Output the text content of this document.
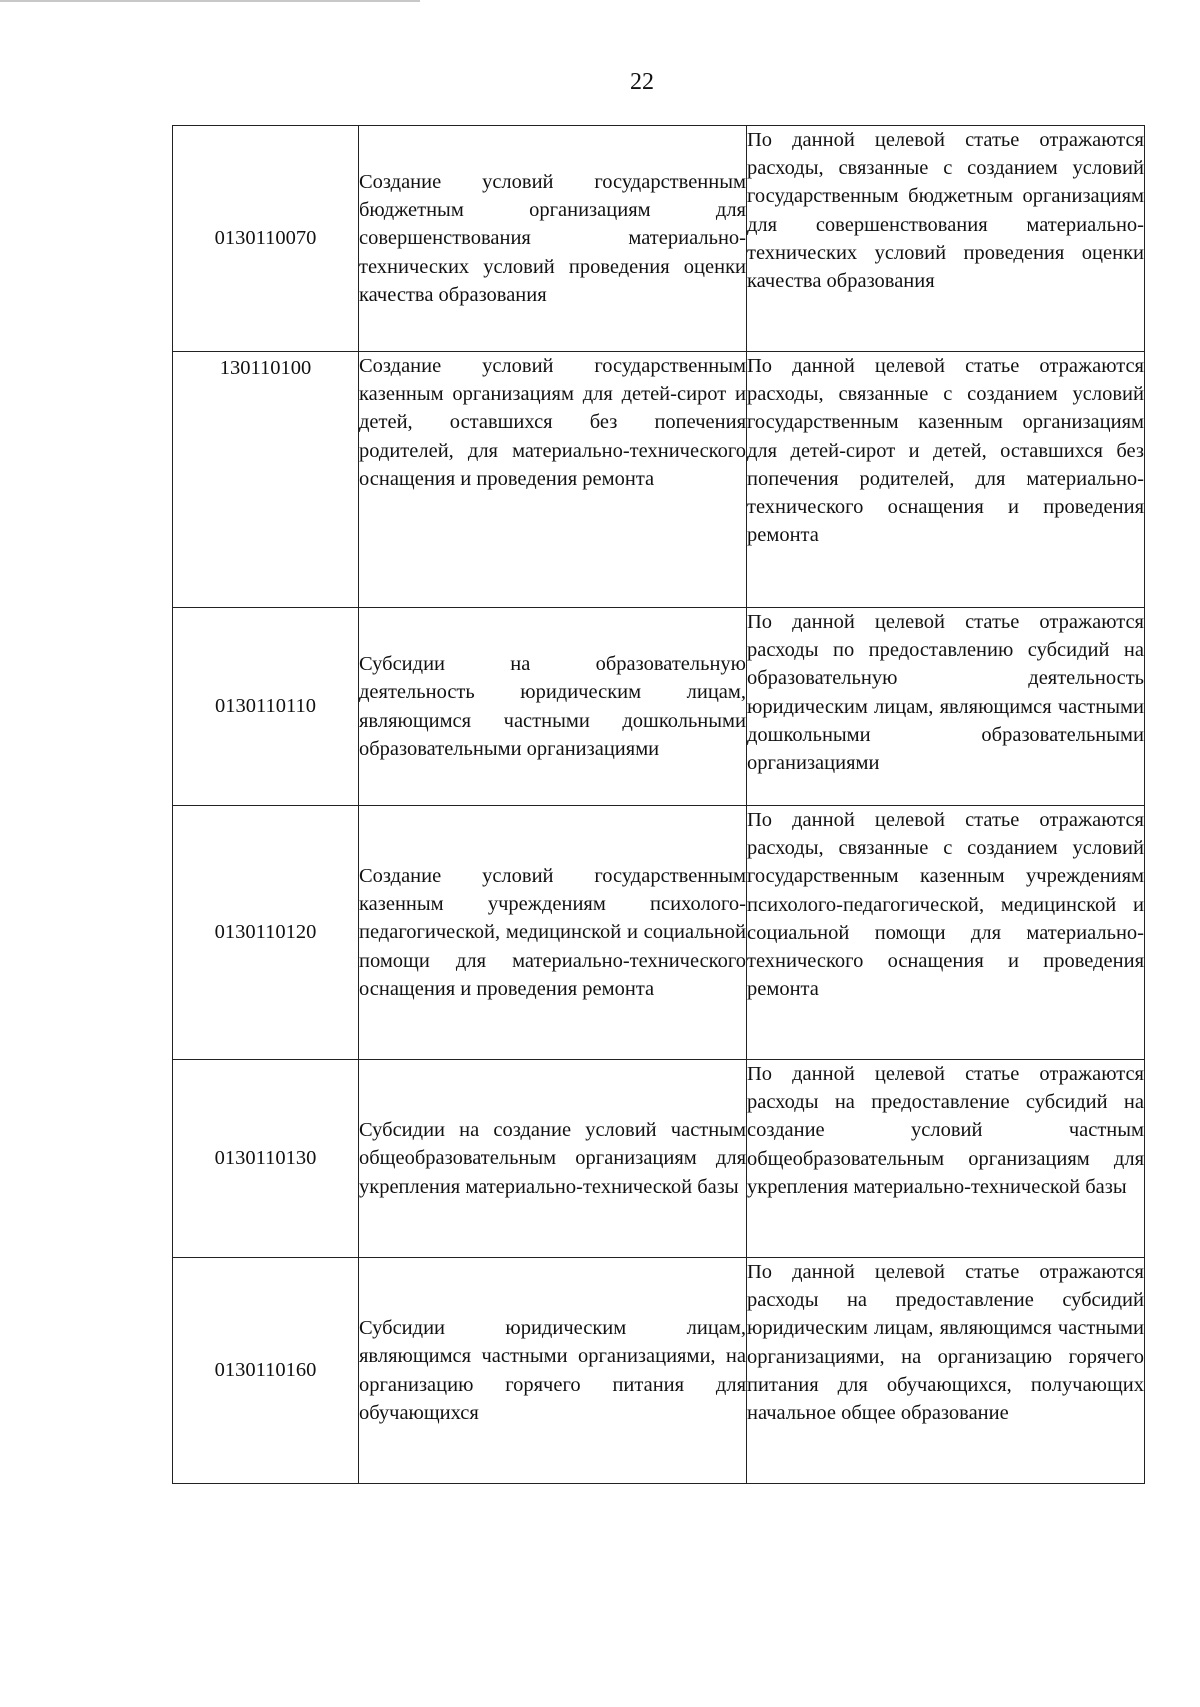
22
0130110070	Создание условий государственным бюджетным организациям для совершенствования материально-технических условий проведения оценки качества образования	По данной целевой статье отражаются расходы, связанные с созданием условий государственным бюджетным организациям для совершенствования материально-технических условий проведения оценки качества образования
130110100	Создание условий государственным казенным организациям для детей-сирот и детей, оставшихся без попечения родителей, для материально-технического оснащения и проведения ремонта	По данной целевой статье отражаются расходы, связанные с созданием условий государственным казенным организациям для детей-сирот и детей, оставшихся без попечения родителей, для материально-технического оснащения и проведения ремонта
0130110110	Субсидии на образовательную деятельность юридическим лицам, являющимся частными дошкольными образовательными организациями	По данной целевой статье отражаются расходы по предоставлению субсидий на образовательную деятельность юридическим лицам, являющимся частными дошкольными образовательными организациями
0130110120	Создание условий государственным казенным учреждениям психолого-педагогической, медицинской и социальной помощи для материально-технического оснащения и проведения ремонта	По данной целевой статье отражаются расходы, связанные с созданием условий государственным казенным учреждениям психолого-педагогической, медицинской и социальной помощи для материально-технического оснащения и проведения ремонта
0130110130	Субсидии на создание условий частным общеобразовательным организациям для укрепления материально-технической базы	По данной целевой статье отражаются расходы на предоставление субсидий на создание условий частным общеобразовательным организациям для укрепления материально-технической базы
0130110160	Субсидии юридическим лицам, являющимся частными организациями, на организацию горячего питания для обучающихся	По данной целевой статье отражаются расходы на предоставление субсидий юридическим лицам, являющимся частными организациями, на организацию горячего питания для обучающихся, получающих начальное общее образование
